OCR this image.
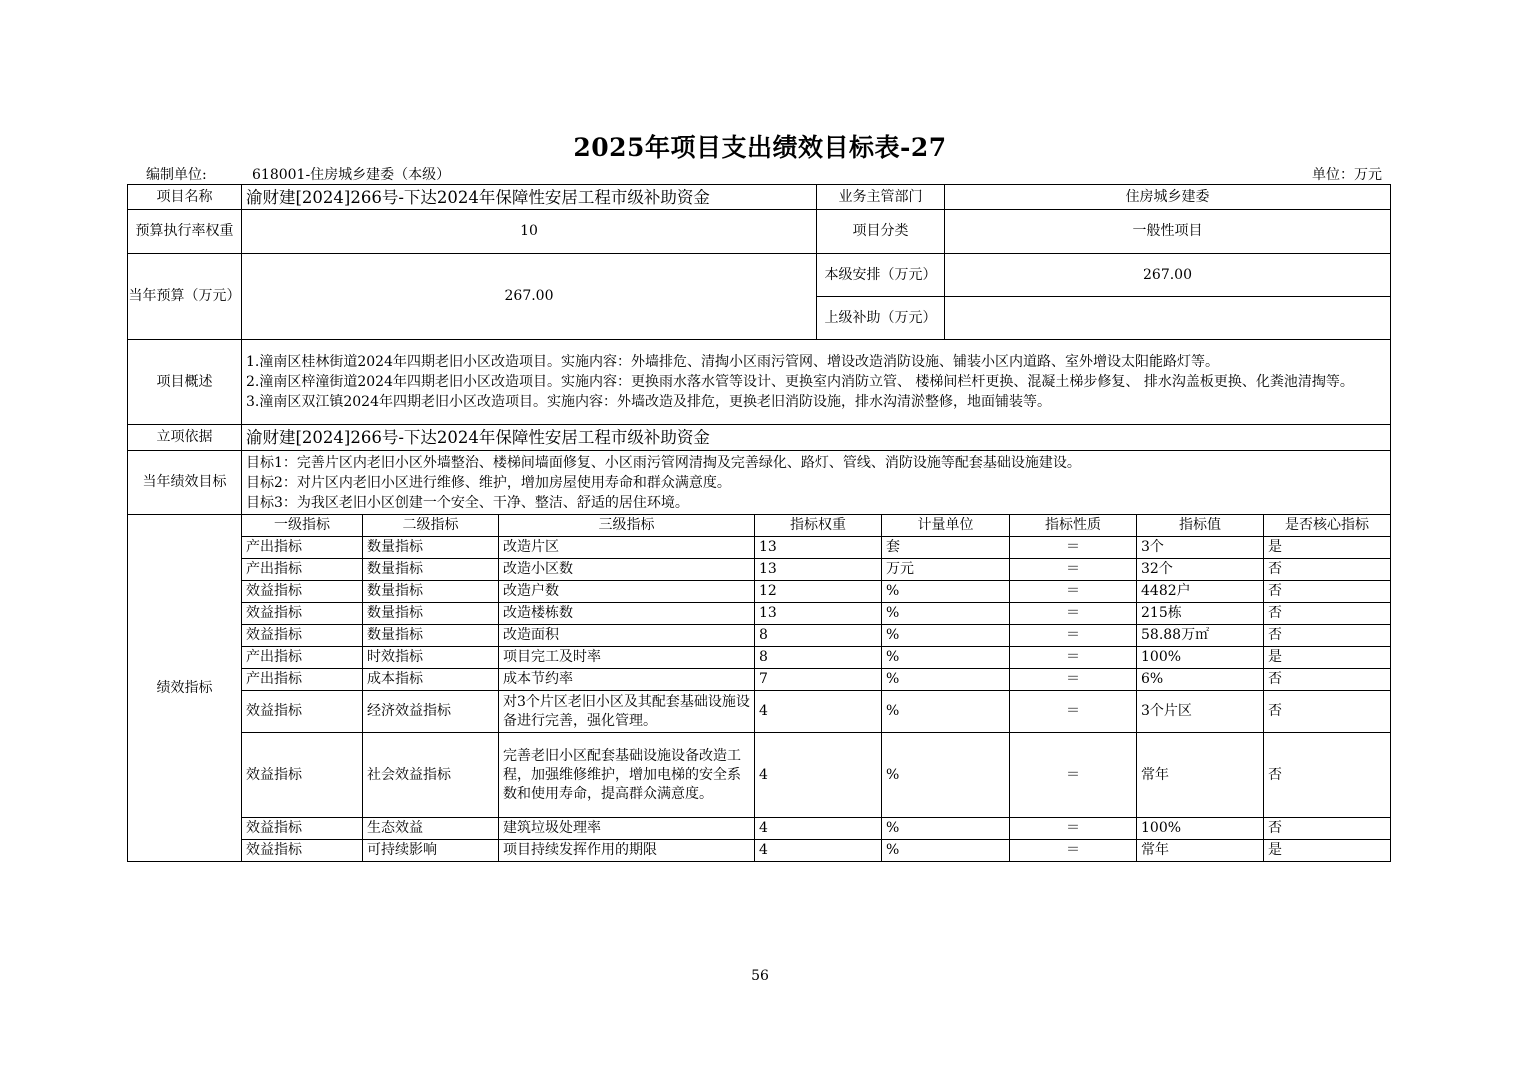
2025年项目支出绩效目标表-27
编制单位:	618001-住房城乡建委（本级）	单位：万元
项目名称	渝财建[2024]266号-下达2024年保障性安居工程市级补助资金	业务主管部门	住房城乡建委
预算执行率权重	10	项目分类	一般性项目
当年预算（万元）	267.00	本级安排（万元）	267.00
		上级补助（万元）	
项目概述	1.潼南区桂林街道2024年四期老旧小区改造项目。实施内容：外墙排危、清掏小区雨污管网、增设改造消防设施、铺装小区内道路、室外增设太阳能路灯等。
2.潼南区梓潼街道2024年四期老旧小区改造项目。实施内容：更换雨水落水管等设计、更换室内消防立管、 楼梯间栏杆更换、混凝土梯步修复、 排水沟盖板更换、化粪池清掏等。
3.潼南区双江镇2024年四期老旧小区改造项目。实施内容：外墙改造及排危，更换老旧消防设施，排水沟清淤整修，地面铺装等。		

立项依据	渝财建[2024]266号-下达2024年保障性安居工程市级补助资金		
当年绩效目标	目标1：完善片区内老旧小区外墙整治、楼梯间墙面修复、小区雨污管网清掏及完善绿化、路灯、管线、消防设施等配套基础设施建设。
目标2：对片区内老旧小区进行维修、维护，增加房屋使用寿命和群众满意度。
目标3：为我区老旧小区创建一个安全、干净、整洁、舒适的居住环境。		
绩效指标	一级指标	二级指标	三级指标	指标权重	计量单位	指标性质	指标值	是否核心指标
	产出指标	数量指标	改造片区	13	套	＝	3个	是
	产出指标	数量指标	改造小区数	13	万元	＝	32个	否
	效益指标	数量指标	改造户数	12	%	＝	4482户	否
	效益指标	数量指标	改造楼栋数	13	%	＝	215栋	否
	效益指标	数量指标	改造面积	8	%	＝	58.88万㎡	否
	产出指标	时效指标	项目完工及时率	8	%	＝	100%	是
	产出指标	成本指标	成本节约率	7	%	＝	6%	否
	效益指标	经济效益指标	对3个片区老旧小区及其配套基础设施设备进行完善，强化管理。	4	%	＝	3个片区	否
	效益指标	社会效益指标	完善老旧小区配套基础设施设备改造工程，加强维修维护，增加电梯的安全系数和使用寿命，提高群众满意度。	4	%	＝	常年	否
	效益指标	生态效益	建筑垃圾处理率	4	%	＝	100%	否
	效益指标	可持续影响	项目持续发挥作用的期限	4	%	＝	常年	是
56
